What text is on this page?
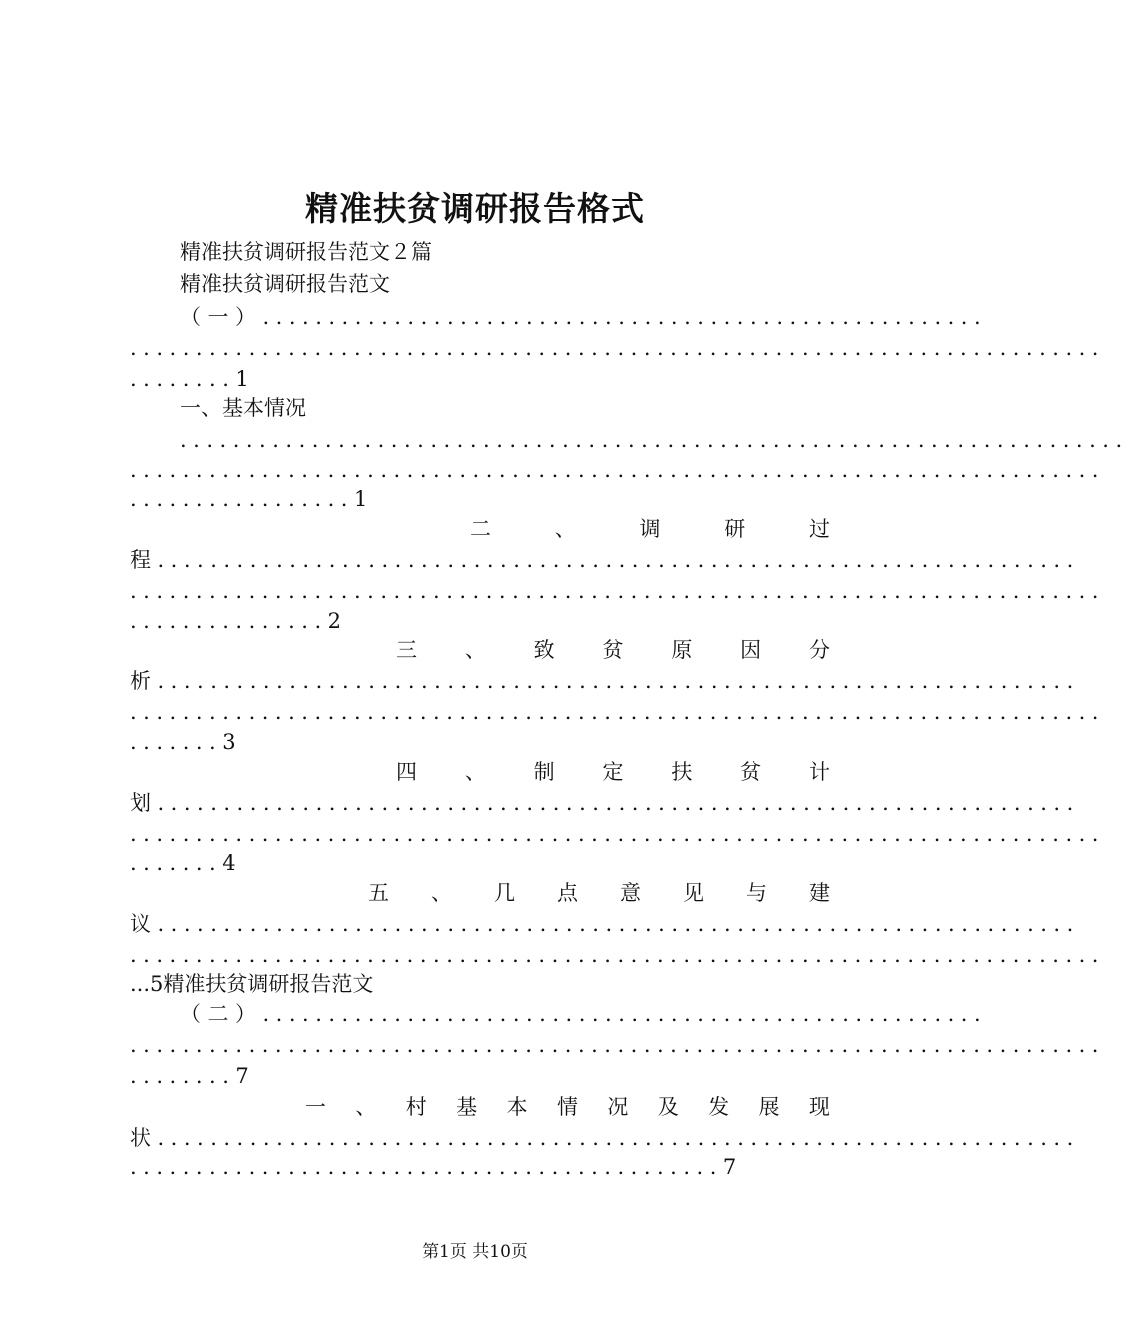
精准扶贫调研报告格式
精准扶贫调研报告范文２篇
精准扶贫调研报告范文
（一）.......................................................
..........................................................................
........1
一、基本情况
........................................................................
..........................................................................
.................1
二	、	调	研	过
程......................................................................
..........................................................................
...............2
三 、 致 贫 原 因 分
析......................................................................
..........................................................................
.......3
四 、 制 定 扶 贫 计
划......................................................................
..........................................................................
.......4
五 、 几 点 意 见 与 建
议......................................................................
..........................................................................
...5精准扶贫调研报告范文
（二）.......................................................
..........................................................................
........7
一 、 村 基 本 情 况 及 发 展 现
状......................................................................
.............................................7
第1页 共10页
